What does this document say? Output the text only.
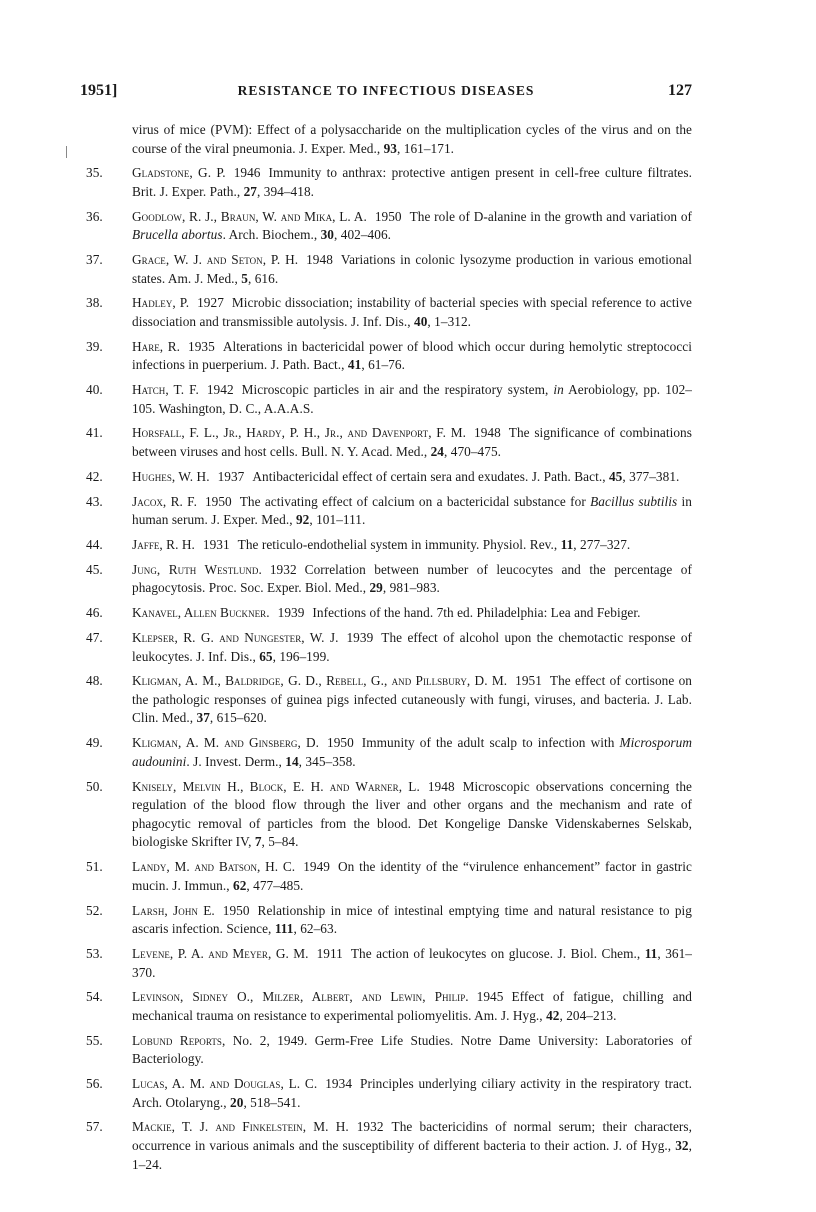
1951]	RESISTANCE TO INFECTIOUS DISEASES	127

virus of mice (PVM): Effect of a polysaccharide on the multiplication cycles of the virus and on the course of the viral pneumonia. J. Exper. Med., 93, 161–171.

35. Gladstone, G. P. 1946 Immunity to anthrax: protective antigen present in cell-free culture filtrates. Brit. J. Exper. Path., 27, 394–418.

36. Goodlow, R. J., Braun, W. and Mika, L. A. 1950 The role of D-alanine in the growth and variation of Brucella abortus. Arch. Biochem., 30, 402–406.

37. Grace, W. J. and Seton, P. H. 1948 Variations in colonic lysozyme production in various emotional states. Am. J. Med., 5, 616.

38. Hadley, P. 1927 Microbic dissociation; instability of bacterial species with special reference to active dissociation and transmissible autolysis. J. Inf. Dis., 40, 1–312.

39. Hare, R. 1935 Alterations in bactericidal power of blood which occur during hemolytic streptococci infections in puerperium. J. Path. Bact., 41, 61–76.

40. Hatch, T. F. 1942 Microscopic particles in air and the respiratory system, in Aerobiology, pp. 102–105. Washington, D. C., A.A.A.S.

41. Horsfall, F. L., Jr., Hardy, P. H., Jr., and Davenport, F. M. 1948 The significance of combinations between viruses and host cells. Bull. N. Y. Acad. Med., 24, 470–475.

42. Hughes, W. H. 1937 Antibactericidal effect of certain sera and exudates. J. Path. Bact., 45, 377–381.

43. Jacox, R. F. 1950 The activating effect of calcium on a bactericidal substance for Bacillus subtilis in human serum. J. Exper. Med., 92, 101–111.

44. Jaffe, R. H. 1931 The reticulo-endothelial system in immunity. Physiol. Rev., 11, 277–327.

45. Jung, Ruth Westlund. 1932 Correlation between number of leucocytes and the percentage of phagocytosis. Proc. Soc. Exper. Biol. Med., 29, 981–983.

46. Kanavel, Allen Buckner. 1939 Infections of the hand. 7th ed. Philadelphia: Lea and Febiger.

47. Klepser, R. G. and Nungester, W. J. 1939 The effect of alcohol upon the chemotactic response of leukocytes. J. Inf. Dis., 65, 196–199.

48. Kligman, A. M., Baldridge, G. D., Rebell, G., and Pillsbury, D. M. 1951 The effect of cortisone on the pathologic responses of guinea pigs infected cutaneously with fungi, viruses, and bacteria. J. Lab. Clin. Med., 37, 615–620.

49. Kligman, A. M. and Ginsberg, D. 1950 Immunity of the adult scalp to infection with Microsporum audounini. J. Invest. Derm., 14, 345–358.

50. Knisely, Melvin H., Block, E. H. and Warner, L. 1948 Microscopic observations concerning the regulation of the blood flow through the liver and other organs and the mechanism and rate of phagocytic removal of particles from the blood. Det Kongelige Danske Videnskabernes Selskab, biologiske Skrifter IV, 7, 5–84.

51. Landy, M. and Batson, H. C. 1949 On the identity of the “virulence enhancement” factor in gastric mucin. J. Immun., 62, 477–485.

52. Larsh, John E. 1950 Relationship in mice of intestinal emptying time and natural resistance to pig ascaris infection. Science, 111, 62–63.

53. Levene, P. A. and Meyer, G. M. 1911 The action of leukocytes on glucose. J. Biol. Chem., 11, 361–370.

54. Levinson, Sidney O., Milzer, Albert, and Lewin, Philip. 1945 Effect of fatigue, chilling and mechanical trauma on resistance to experimental poliomyelitis. Am. J. Hyg., 42, 204–213.

55. Lobund Reports, No. 2, 1949. Germ-Free Life Studies. Notre Dame University: Laboratories of Bacteriology.

56. Lucas, A. M. and Douglas, L. C. 1934 Principles underlying ciliary activity in the respiratory tract. Arch. Otolaryng., 20, 518–541.

57. Mackie, T. J. and Finkelstein, M. H. 1932 The bactericidins of normal serum; their characters, occurrence in various animals and the susceptibility of different bacteria to their action. J. of Hyg., 32, 1–24.
